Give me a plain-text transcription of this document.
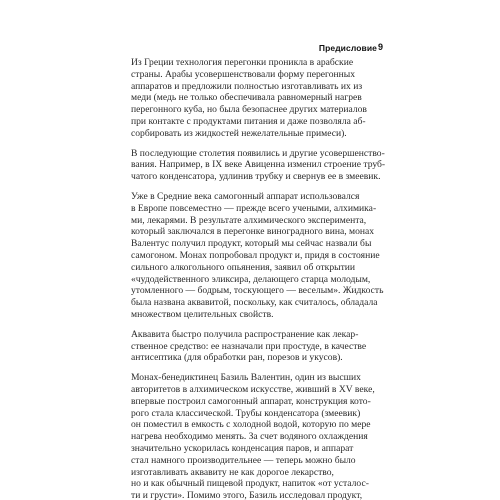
Предисловие 9

Из Греции технология перегонки проникла в арабские
страны. Арабы усовершенствовали форму перегонных
аппаратов и предложили полностью изготавливать их из
меди (медь не только обеспечивала равномерный нагрев
перегонного куба, но была безопаснее других материалов
при контакте с продуктами питания и даже позволяла аб-
сорбировать из жидкостей нежелательные примеси).

В последующие столетия появились и другие усовершенство-
вания. Например, в IX веке Авиценна изменил строение труб-
чатого конденсатора, удлинив трубку и свернув ее в змеевик.

Уже в Средние века самогонный аппарат использовался
в Европе повсеместно — прежде всего учеными, алхимика-
ми, лекарями. В результате алхимического эксперимента,
который заключался в перегонке виноградного вина, монах
Валентус получил продукт, который мы сейчас назвали бы
самогоном. Монах попробовал продукт и, придя в состояние
сильного алкогольного опьянения, заявил об открытии
«чудодейственного эликсира, делающего старца молодым,
утомленного — бодрым, тоскующего — веселым». Жидкость
была названа аквавитой, поскольку, как считалось, обладала
множеством целительных свойств.

Аквавита быстро получила распространение как лекар-
ственное средство: ее назначали при простуде, в качестве
антисептика (для обработки ран, порезов и укусов).

Монах-бенедиктинец Базиль Валентин, один из высших
авторитетов в алхимическом искусстве, живший в XV веке,
впервые построил самогонный аппарат, конструкция кото-
рого стала классической. Трубы конденсатора (змеевик)
он поместил в емкость с холодной водой, которую по мере
нагрева необходимо менять. За счет водяного охлаждения
значительно ускорилась конденсация паров, и аппарат
стал намного производительнее — теперь можно было
изготавливать аквавиту не как дорогое лекарство,
но и как обычный пищевой продукт, напиток «от усталос-
ти и грусти». Помимо этого, Базиль исследовал продукт,
